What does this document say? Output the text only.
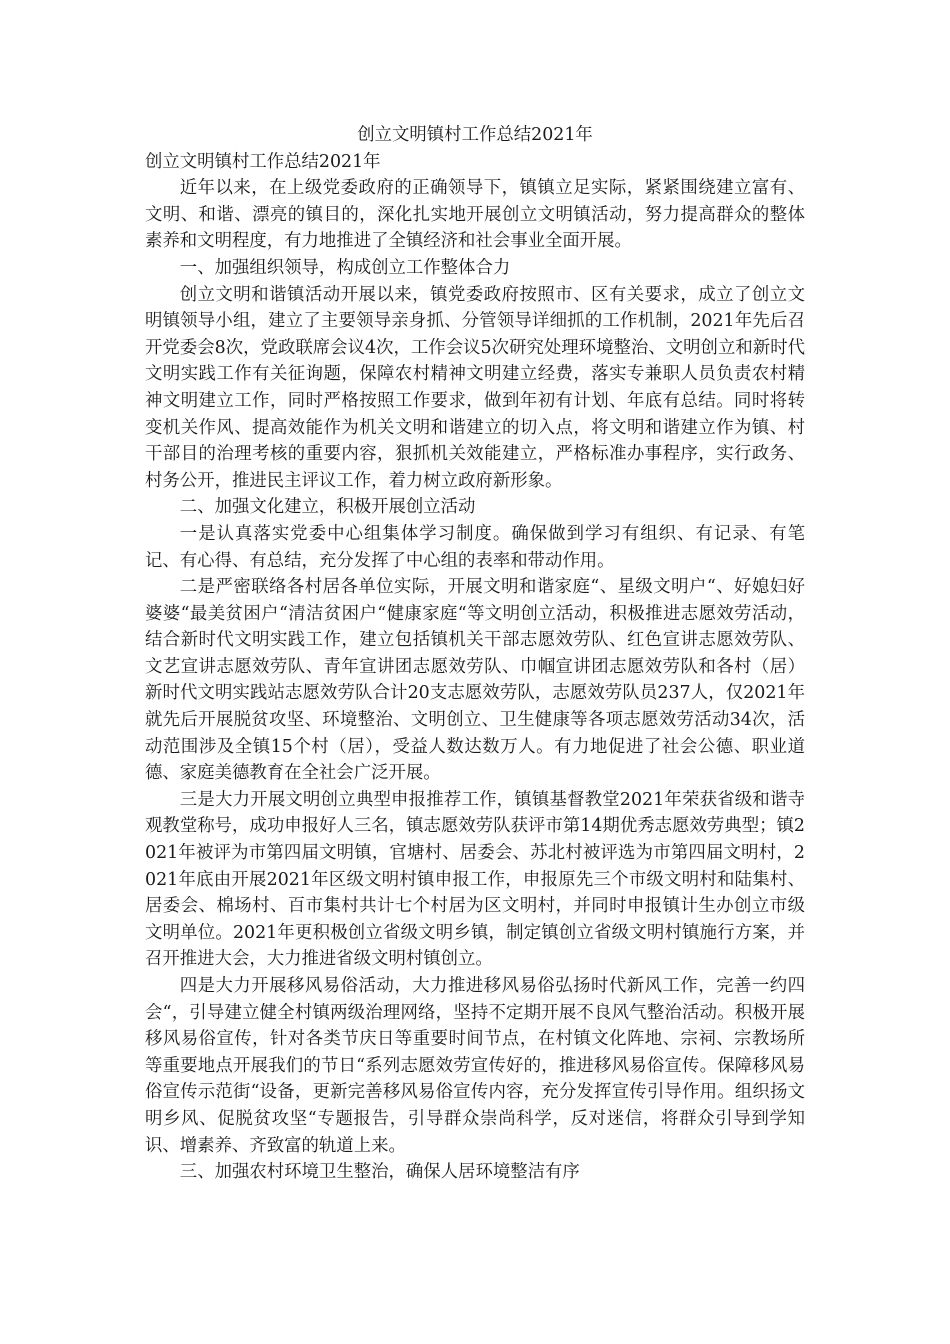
创立文明镇村工作总结2021年

创立文明镇村工作总结2021年

近年以来，在上级党委政府的正确领导下，镇镇立足实际，紧紧围绕建立富有、文明、和谐、漂亮的镇目的，深化扎实地开展创立文明镇活动，努力提高群众的整体素养和文明程度，有力地推进了全镇经济和社会事业全面开展。

一、加强组织领导，构成创立工作整体合力

创立文明和谐镇活动开展以来，镇党委政府按照市、区有关要求，成立了创立文明镇领导小组，建立了主要领导亲身抓、分管领导详细抓的工作机制，2021年先后召开党委会8次，党政联席会议4次，工作会议5次研究处理环境整治、文明创立和新时代文明实践工作有关征询题，保障农村精神文明建立经费，落实专兼职人员负责农村精神文明建立工作，同时严格按照工作要求，做到年初有计划、年底有总结。同时将转变机关作风、提高效能作为机关文明和谐建立的切入点，将文明和谐建立作为镇、村干部目的治理考核的重要内容，狠抓机关效能建立，严格标准办事程序，实行政务、村务公开，推进民主评议工作，着力树立政府新形象。

二、加强文化建立，积极开展创立活动

一是认真落实党委中心组集体学习制度。确保做到学习有组织、有记录、有笔记、有心得、有总结，充分发挥了中心组的表率和带动作用。

二是严密联络各村居各单位实际，开展文明和谐家庭“、星级文明户“、好媳妇好婆婆“最美贫困户“清洁贫困户“健康家庭“等文明创立活动，积极推进志愿效劳活动，结合新时代文明实践工作，建立包括镇机关干部志愿效劳队、红色宣讲志愿效劳队、文艺宣讲志愿效劳队、青年宣讲团志愿效劳队、巾帼宣讲团志愿效劳队和各村（居）新时代文明实践站志愿效劳队合计20支志愿效劳队，志愿效劳队员237人，仅2021年就先后开展脱贫攻坚、环境整治、文明创立、卫生健康等各项志愿效劳活动34次，活动范围涉及全镇15个村（居），受益人数达数万人。有力地促进了社会公德、职业道德、家庭美德教育在全社会广泛开展。

三是大力开展文明创立典型申报推荐工作，镇镇基督教堂2021年荣获省级和谐寺观教堂称号，成功申报好人三名，镇志愿效劳队获评市第14期优秀志愿效劳典型；镇2021年被评为市第四届文明镇，官塘村、居委会、苏北村被评选为市第四届文明村，2021年底由开展2021年区级文明村镇申报工作，申报原先三个市级文明村和陆集村、居委会、棉场村、百市集村共计七个村居为区文明村，并同时申报镇计生办创立市级文明单位。2021年更积极创立省级文明乡镇，制定镇创立省级文明村镇施行方案，并召开推进大会，大力推进省级文明村镇创立。

四是大力开展移风易俗活动，大力推进移风易俗弘扬时代新风工作，完善一约四会“，引导建立健全村镇两级治理网络，坚持不定期开展不良风气整治活动。积极开展移风易俗宣传，针对各类节庆日等重要时间节点，在村镇文化阵地、宗祠、宗教场所等重要地点开展我们的节日“系列志愿效劳宣传好的，推进移风易俗宣传。保障移风易俗宣传示范街“设备，更新完善移风易俗宣传内容，充分发挥宣传引导作用。组织扬文明乡风、促脱贫攻坚“专题报告，引导群众崇尚科学，反对迷信，将群众引导到学知识、增素养、齐致富的轨道上来。

三、加强农村环境卫生整治，确保人居环境整洁有序
